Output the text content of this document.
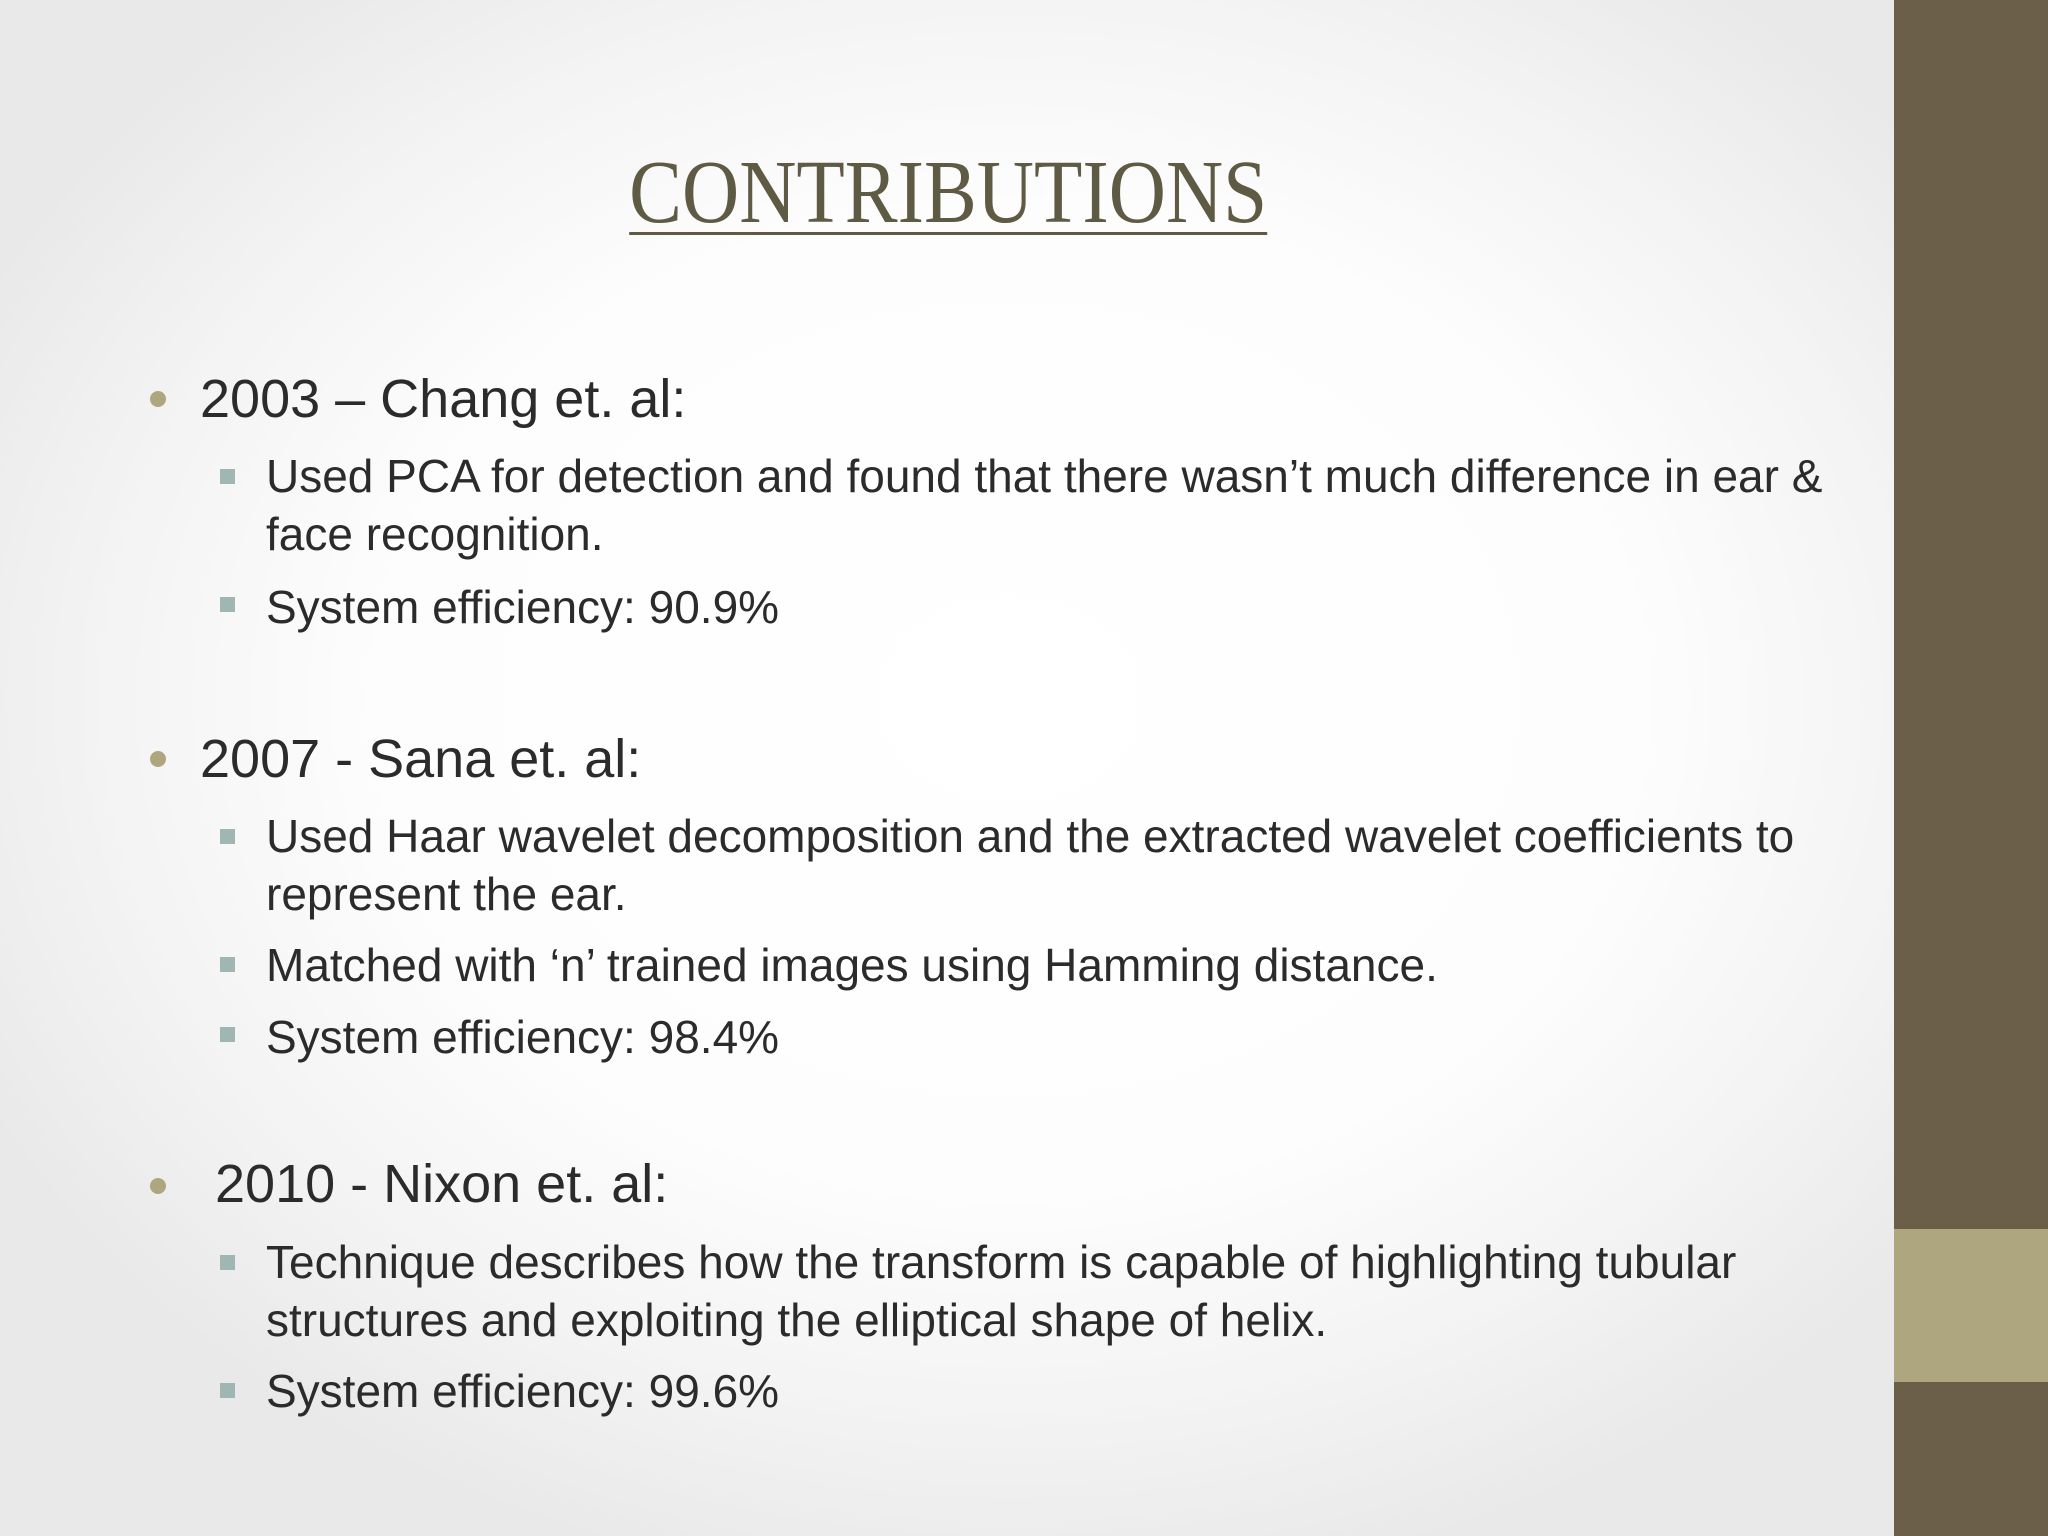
CONTRIBUTIONS
2003 – Chang et. al:
Used PCA for detection and found that there wasn’t much difference in ear & face recognition.
System efficiency: 90.9%
2007 - Sana et. al:
Used Haar wavelet decomposition and the extracted wavelet coefficients to represent the ear.
Matched with ‘n’ trained images using Hamming distance.
System efficiency: 98.4%
2010 - Nixon et. al:
Technique describes how the transform is capable of highlighting tubular structures and exploiting the elliptical shape of helix.
System efficiency: 99.6%
